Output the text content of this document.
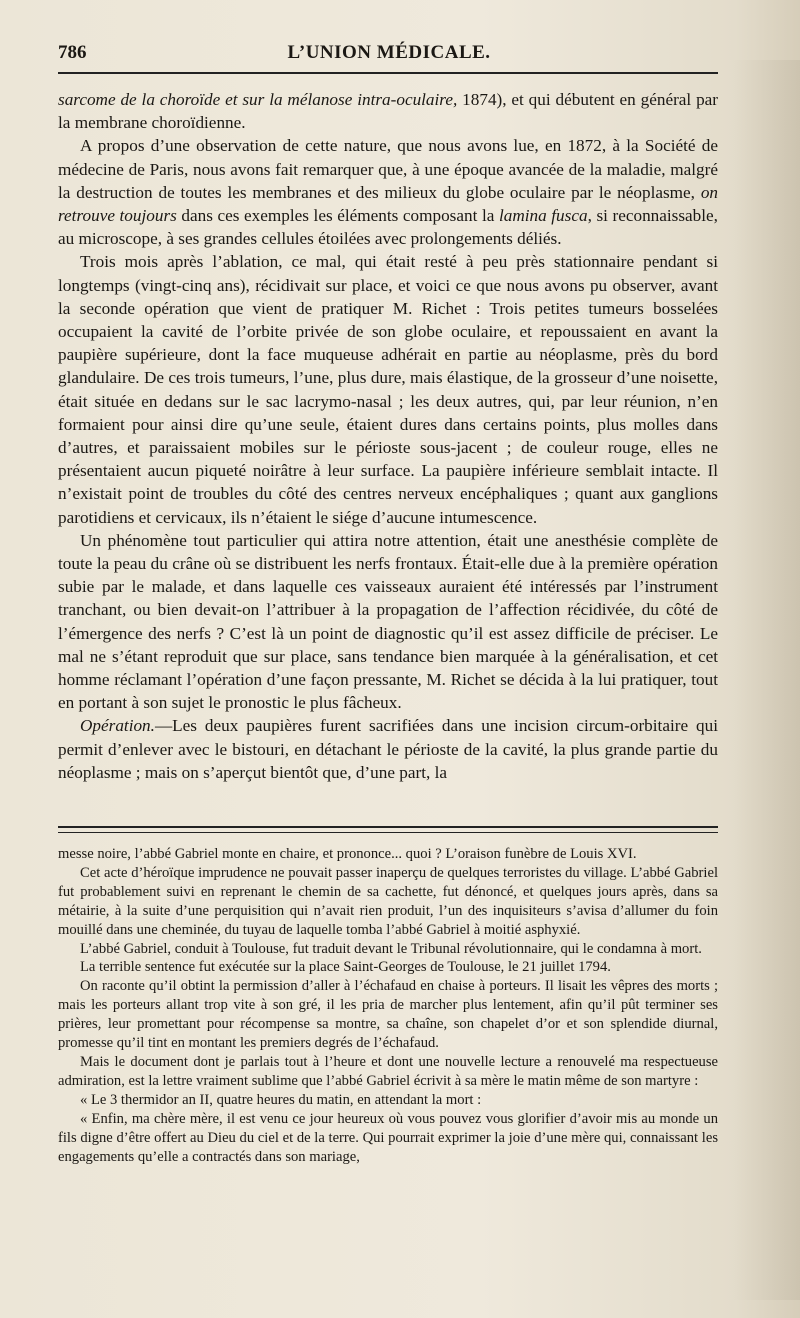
786	L’UNION MÉDICALE.

sarcome de la choroïde et sur la mélanose intra-oculaire, 1874), et qui débutent en général par la membrane choroïdienne.

A propos d’une observation de cette nature, que nous avons lue, en 1872, à la Société de médecine de Paris, nous avons fait remarquer que, à une époque avancée de la maladie, malgré la destruction de toutes les membranes et des milieux du globe oculaire par le néoplasme, on retrouve toujours dans ces exemples les éléments composant la lamina fusca, si reconnaissable, au microscope, à ses grandes cellules étoilées avec prolongements déliés.

Trois mois après l’ablation, ce mal, qui était resté à peu près stationnaire pendant si longtemps (vingt-cinq ans), récidivait sur place, et voici ce que nous avons pu observer, avant la seconde opération que vient de pratiquer M. Richet : Trois petites tumeurs bosselées occupaient la cavité de l’orbite privée de son globe oculaire, et repoussaient en avant la paupière supérieure, dont la face muqueuse adhérait en partie au néoplasme, près du bord glandulaire. De ces trois tumeurs, l’une, plus dure, mais élastique, de la grosseur d’une noisette, était située en dedans sur le sac lacrymo-nasal ; les deux autres, qui, par leur réunion, n’en formaient pour ainsi dire qu’une seule, étaient dures dans certains points, plus molles dans d’autres, et paraissaient mobiles sur le périoste sous-jacent ; de couleur rouge, elles ne présentaient aucun piqueté noirâtre à leur surface. La paupière inférieure semblait intacte. Il n’existait point de troubles du côté des centres nerveux encéphaliques ; quant aux ganglions parotidiens et cervicaux, ils n’étaient le siége d’aucune intumescence.

Un phénomène tout particulier qui attira notre attention, était une anesthésie complète de toute la peau du crâne où se distribuent les nerfs frontaux. Était-elle due à la première opération subie par le malade, et dans laquelle ces vaisseaux auraient été intéressés par l’instrument tranchant, ou bien devait-on l’attribuer à la propagation de l’affection récidivée, du côté de l’émergence des nerfs ? C’est là un point de diagnostic qu’il est assez difficile de préciser. Le mal ne s’étant reproduit que sur place, sans tendance bien marquée à la généralisation, et cet homme réclamant l’opération d’une façon pressante, M. Richet se décida à la lui pratiquer, tout en portant à son sujet le pronostic le plus fâcheux.

Opération.—Les deux paupières furent sacrifiées dans une incision circum-orbitaire qui permit d’enlever avec le bistouri, en détachant le périoste de la cavité, la plus grande partie du néoplasme ; mais on s’aperçut bientôt que, d’une part, la

messe noire, l’abbé Gabriel monte en chaire, et prononce... quoi ? L’oraison funèbre de Louis XVI.

Cet acte d’héroïque imprudence ne pouvait passer inaperçu de quelques terroristes du village. L’abbé Gabriel fut probablement suivi en reprenant le chemin de sa cachette, fut dénoncé, et quelques jours après, dans sa métairie, à la suite d’une perquisition qui n’avait rien produit, l’un des inquisiteurs s’avisa d’allumer du foin mouillé dans une cheminée, du tuyau de laquelle tomba l’abbé Gabriel à moitié asphyxié.

L’abbé Gabriel, conduit à Toulouse, fut traduit devant le Tribunal révolutionnaire, qui le condamna à mort.

La terrible sentence fut exécutée sur la place Saint-Georges de Toulouse, le 21 juillet 1794.

On raconte qu’il obtint la permission d’aller à l’échafaud en chaise à porteurs. Il lisait les vêpres des morts ; mais les porteurs allant trop vite à son gré, il les pria de marcher plus lentement, afin qu’il pût terminer ses prières, leur promettant pour récompense sa montre, sa chaîne, son chapelet d’or et son splendide diurnal, promesse qu’il tint en montant les premiers degrés de l’échafaud.

Mais le document dont je parlais tout à l’heure et dont une nouvelle lecture a renouvelé ma respectueuse admiration, est la lettre vraiment sublime que l’abbé Gabriel écrivit à sa mère le matin même de son martyre :

« Le 3 thermidor an II, quatre heures du matin, en attendant la mort :

« Enfin, ma chère mère, il est venu ce jour heureux où vous pouvez vous glorifier d’avoir mis au monde un fils digne d’être offert au Dieu du ciel et de la terre. Qui pourrait exprimer la joie d’une mère qui, connaissant les engagements qu’elle a contractés dans son mariage,
